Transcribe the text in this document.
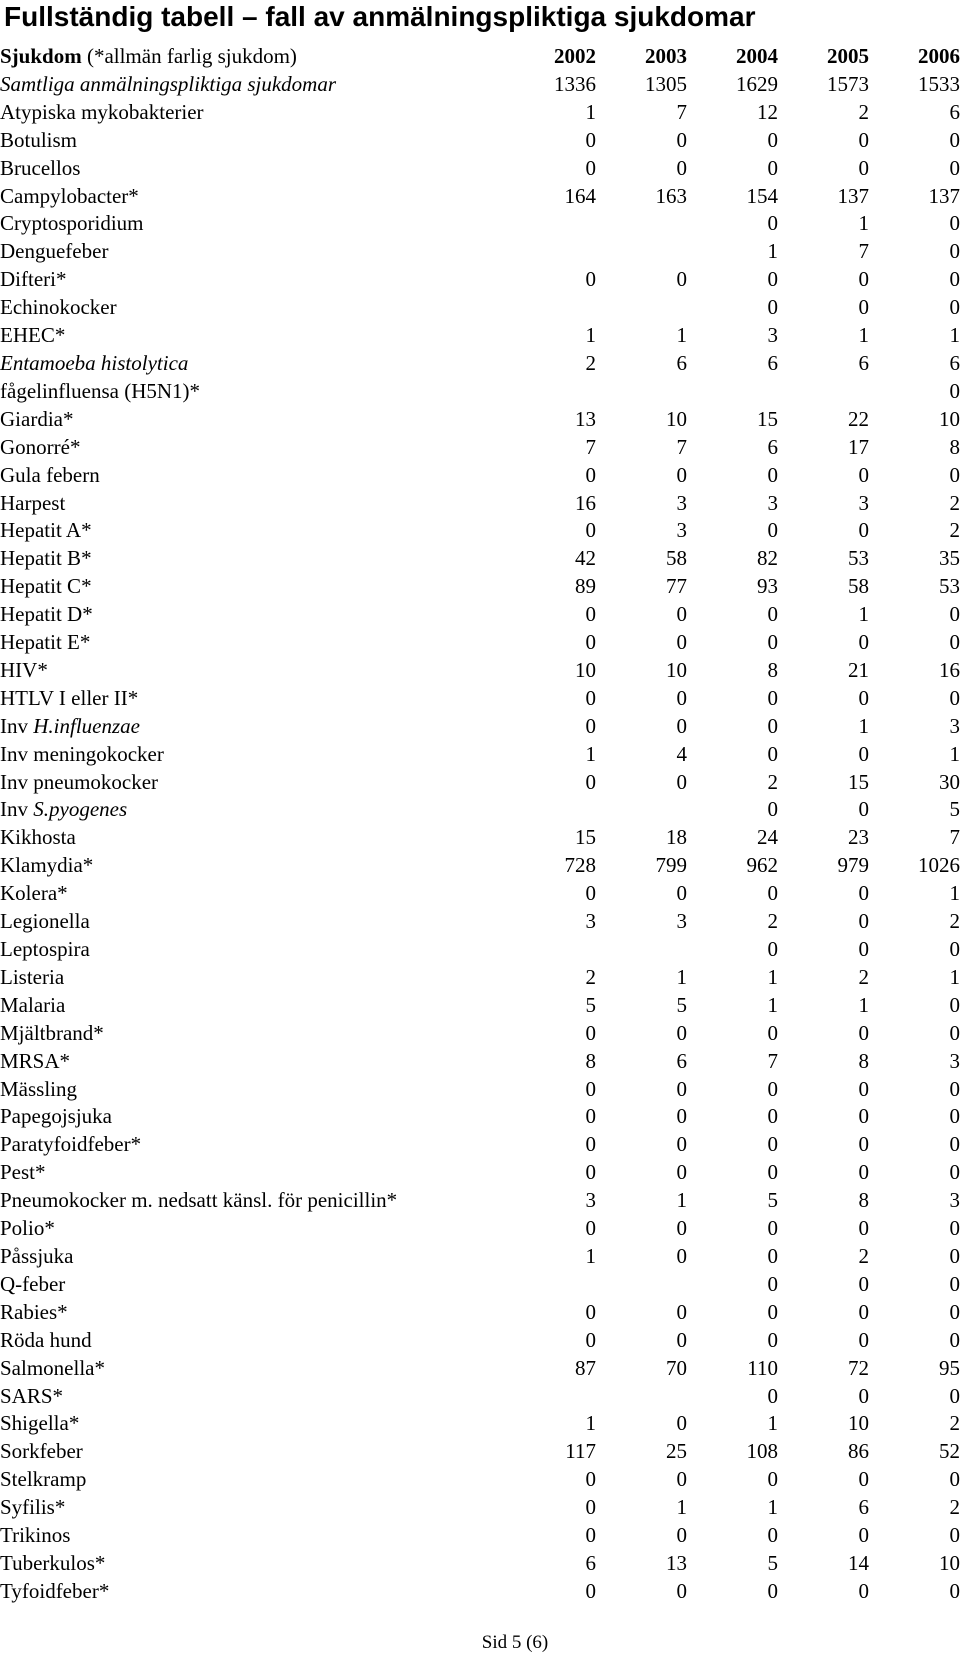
Fullständig tabell – fall av anmälningspliktiga sjukdomar
Sjukdom (*allmän farlig sjukdom)	2002	2003	2004	2005	2006
Samtliga anmälningspliktiga sjukdomar	1336	1305	1629	1573	1533
Atypiska mykobakterier	1	7	12	2	6
Botulism	0	0	0	0	0
Brucellos	0	0	0	0	0
Campylobacter*	164	163	154	137	137
Cryptosporidium			0	1	0
Denguefeber			1	7	0
Difteri*	0	0	0	0	0
Echinokocker			0	0	0
EHEC*	1	1	3	1	1
Entamoeba histolytica	2	6	6	6	6
fågelinfluensa (H5N1)*					0
Giardia*	13	10	15	22	10
Gonorré*	7	7	6	17	8
Gula febern	0	0	0	0	0
Harpest	16	3	3	3	2
Hepatit A*	0	3	0	0	2
Hepatit B*	42	58	82	53	35
Hepatit C*	89	77	93	58	53
Hepatit D*	0	0	0	1	0
Hepatit E*	0	0	0	0	0
HIV*	10	10	8	21	16
HTLV I eller II*	0	0	0	0	0
Inv H.influenzae	0	0	0	1	3
Inv meningokocker	1	4	0	0	1
Inv pneumokocker	0	0	2	15	30
Inv S.pyogenes			0	0	5
Kikhosta	15	18	24	23	7
Klamydia*	728	799	962	979	1026
Kolera*	0	0	0	0	1
Legionella	3	3	2	0	2
Leptospira			0	0	0
Listeria	2	1	1	2	1
Malaria	5	5	1	1	0
Mjältbrand*	0	0	0	0	0
MRSA*	8	6	7	8	3
Mässling	0	0	0	0	0
Papegojsjuka	0	0	0	0	0
Paratyfoidfeber*	0	0	0	0	0
Pest*	0	0	0	0	0
Pneumokocker m. nedsatt känsl. för penicillin*	3	1	5	8	3
Polio*	0	0	0	0	0
Påssjuka	1	0	0	2	0
Q-feber			0	0	0
Rabies*	0	0	0	0	0
Röda hund	0	0	0	0	0
Salmonella*	87	70	110	72	95
SARS*			0	0	0
Shigella*	1	0	1	10	2
Sorkfeber	117	25	108	86	52
Stelkramp	0	0	0	0	0
Syfilis*	0	1	1	6	2
Trikinos	0	0	0	0	0
Tuberkulos*	6	13	5	14	10
Tyfoidfeber*	0	0	0	0	0
Sid 5 (6)
